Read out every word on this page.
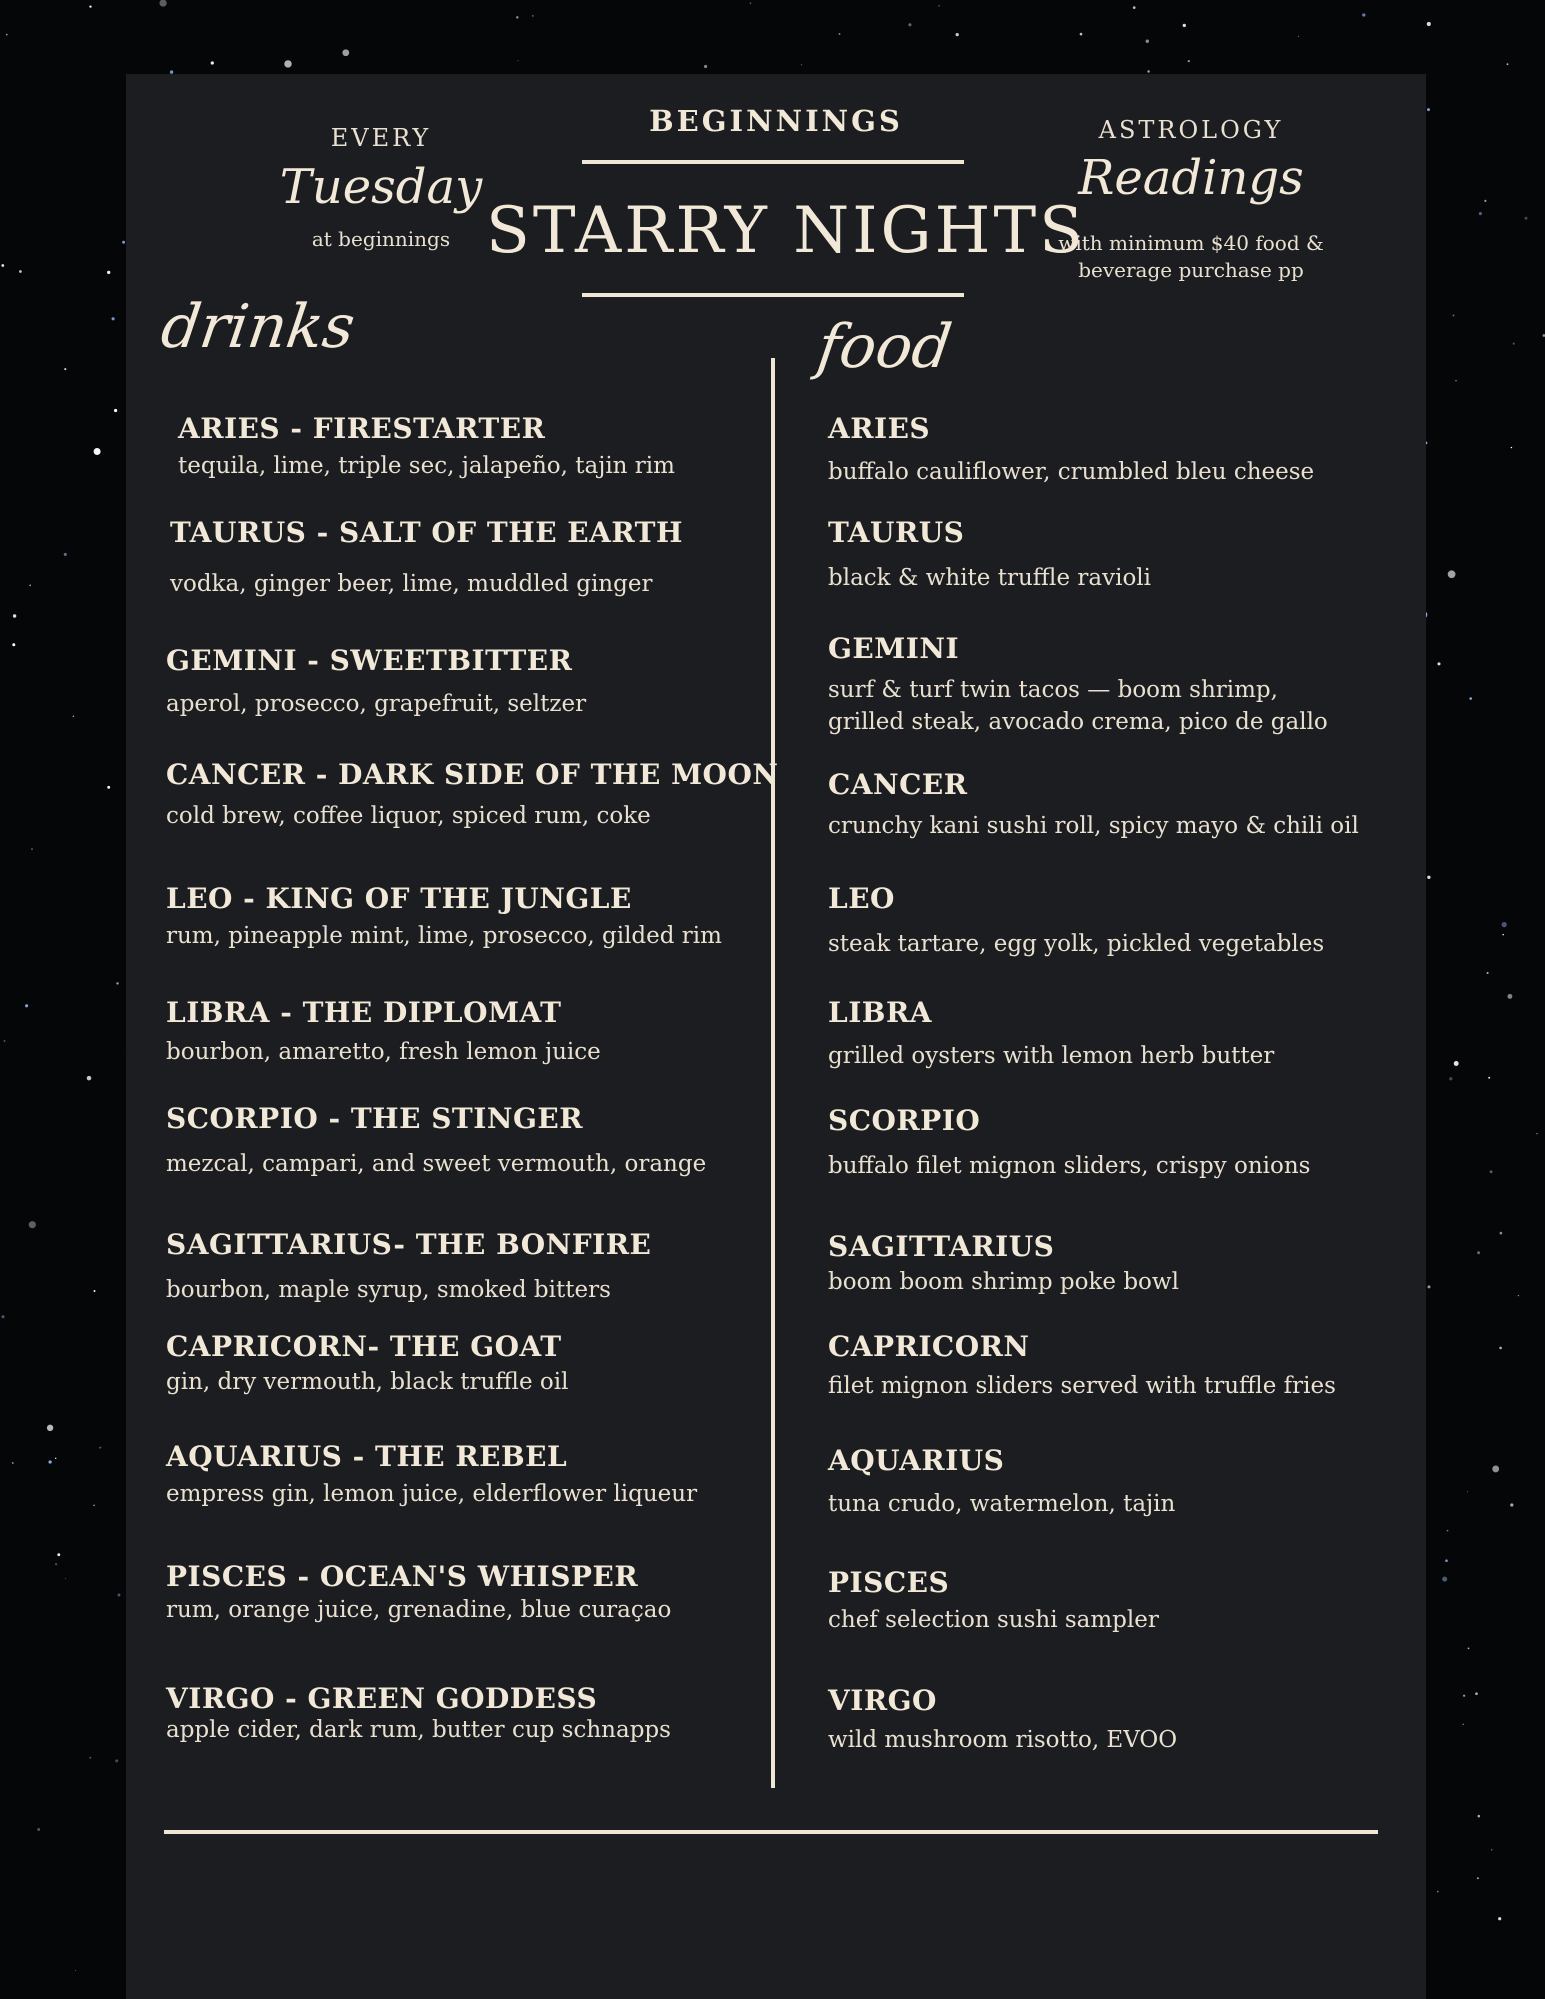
EVERY
Tuesday
at beginnings
BEGINNINGS
STARRY NIGHTS
ASTROLOGY
Readings
with minimum $40 food &
beverage purchase pp
drinks	food
ARIES - FIRESTARTER
tequila, lime, triple sec, jalapeño, tajin rim
TAURUS - SALT OF THE EARTH
vodka, ginger beer, lime, muddled ginger
GEMINI - SWEETBITTER
aperol, prosecco, grapefruit, seltzer
CANCER - DARK SIDE OF THE MOON
cold brew, coffee liquor, spiced rum, coke
LEO - KING OF THE JUNGLE
rum, pineapple mint, lime, prosecco, gilded rim
LIBRA - THE DIPLOMAT
bourbon, amaretto, fresh lemon juice
SCORPIO - THE STINGER
mezcal, campari, and sweet vermouth, orange
SAGITTARIUS- THE BONFIRE
bourbon, maple syrup, smoked bitters
CAPRICORN- THE GOAT
gin, dry vermouth, black truffle oil
AQUARIUS - THE REBEL
empress gin, lemon juice, elderflower liqueur
PISCES - OCEAN'S WHISPER
rum, orange juice, grenadine, blue curaçao
VIRGO - GREEN GODDESS
apple cider, dark rum, butter cup schnapps
ARIES
buffalo cauliflower, crumbled bleu cheese
TAURUS
black & white truffle ravioli
GEMINI
surf & turf twin tacos — boom shrimp,
grilled steak, avocado crema, pico de gallo
CANCER
crunchy kani sushi roll, spicy mayo & chili oil
LEO
steak tartare, egg yolk, pickled vegetables
LIBRA
grilled oysters with lemon herb butter
SCORPIO
buffalo filet mignon sliders, crispy onions
SAGITTARIUS
boom boom shrimp poke bowl
CAPRICORN
filet mignon sliders served with truffle fries
AQUARIUS
tuna crudo, watermelon, tajin
PISCES
chef selection sushi sampler
VIRGO
wild mushroom risotto, EVOO
